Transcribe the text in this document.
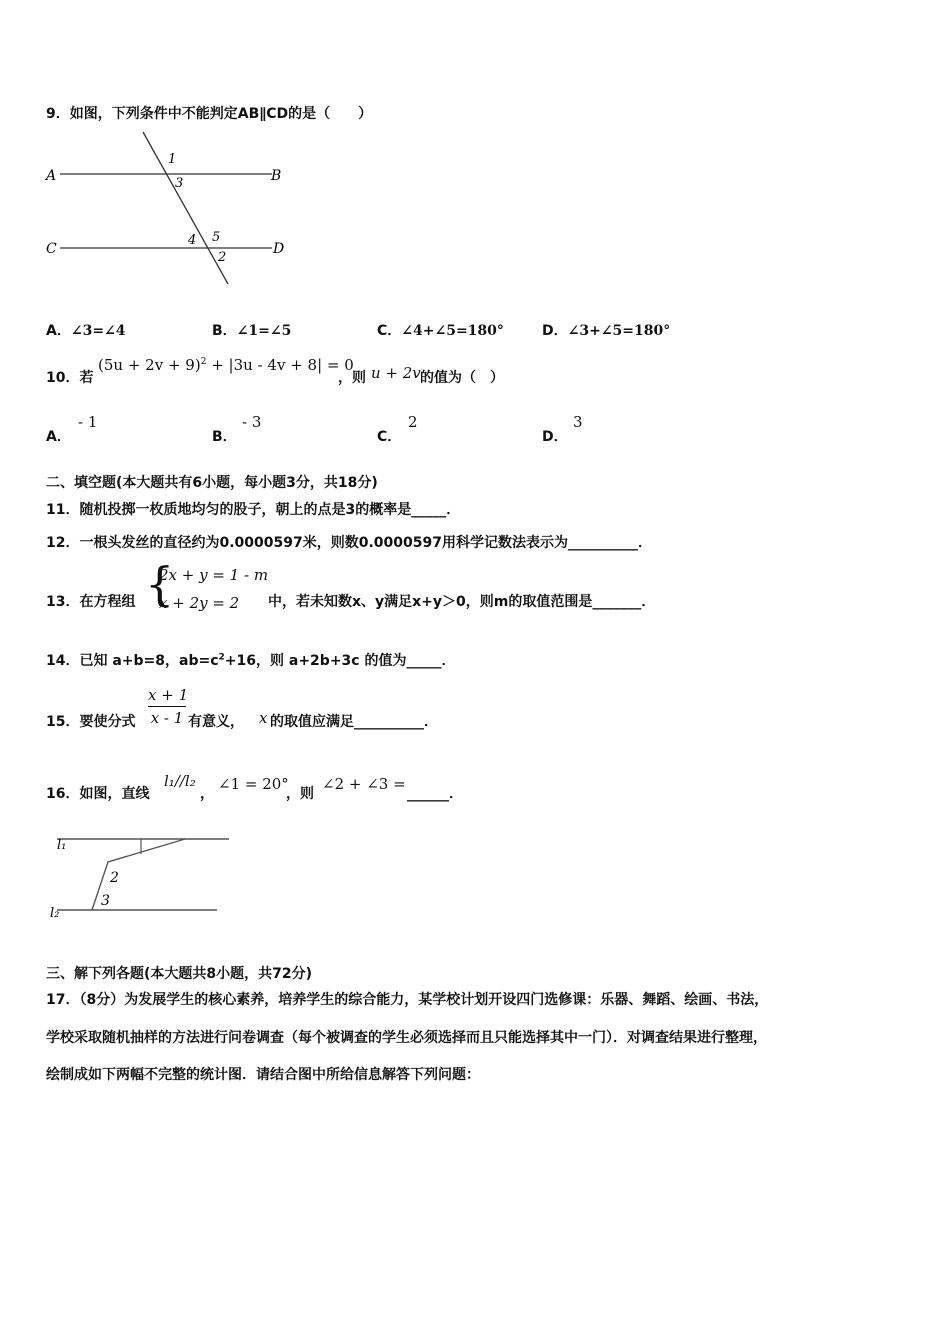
9．如图，下列条件中不能判定AB∥CD的是（　　）
A	B
C	D
1
3
4 5
2
A．∠3=∠4	B．∠1=∠5	C．∠4+∠5=180°	D．∠3+∠5=180°
10．若
$(5u + 2v + 9)^2 + |3u - 4v + 8| = 0$
，则 u + 2v 的值为（　）
A．
- 1
B．
- 3
C．
2
D．
3
二、填空题(本大题共有6小题，每小题3分，共18分)
11．随机投掷一枚质地均匀的股子，朝上的点是3的概率是_____．
12．一根头发丝的直径约为0.0000597米，则数0.0000597用科学记数法表示为__________．
13．在方程组 {
2x + y = 1 - m
x + 2y = 2 中，若未知数x、y满足x+y＞0，则m的取值范围是_______．
14．已知 a+b=8，$ab=c^2+16$，则 a+2b+3c 的值为_____．
15．要使分式 $\frac{x + 1}{x - 1}$ 有意义， x 的取值应满足__________．
16．如图，直线
l₁//l₂
，
∠1 = 20°
，则
∠2 + ∠3 =
______．
l₁
l₂
2
3
三、解下列各题(本大题共8小题，共72分)
17．（8分）为发展学生的核心素养，培养学生的综合能力，某学校计划开设四门选修课：乐器、舞蹈、绘画、书法，
学校采取随机抽样的方法进行问卷调查（每个被调查的学生必须选择而且只能选择其中一门）．对调查结果进行整理，
绘制成如下两幅不完整的统计图．请结合图中所给信息解答下列问题：
